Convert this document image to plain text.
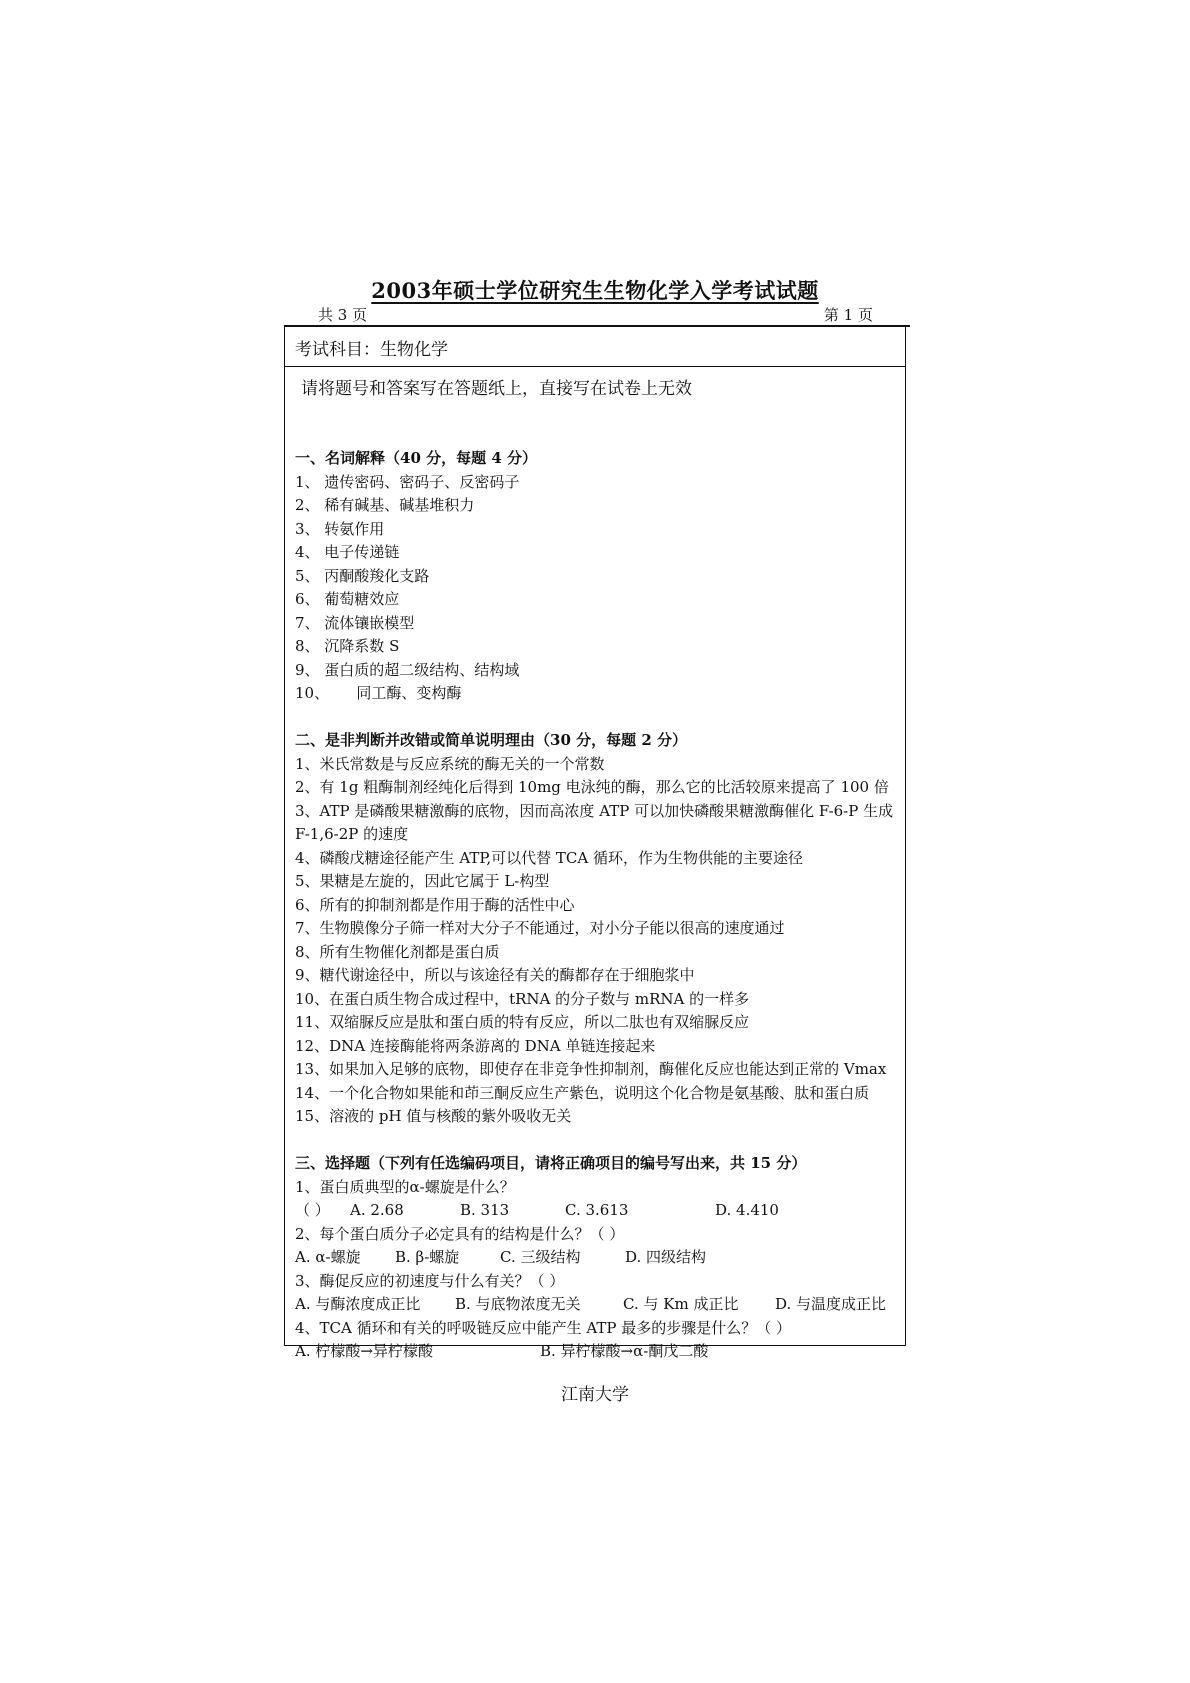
2003年硕士学位研究生生物化学入学考试试题
共 3 页	第 1 页
考试科目：生物化学
请将题号和答案写在答题纸上，直接写在试卷上无效
一、名词解释（40 分，每题 4 分）
1、 遗传密码、密码子、反密码子
2、 稀有碱基、碱基堆积力
3、 转氨作用
4、 电子传递链
5、 丙酮酸羧化支路
6、 葡萄糖效应
7、 流体镶嵌模型
8、 沉降系数 S
9、 蛋白质的超二级结构、结构域
10、　　 同工酶、变构酶
二、是非判断并改错或简单说明理由（30 分，每题 2 分）
1、米氏常数是与反应系统的酶无关的一个常数
2、有 1g 粗酶制剂经纯化后得到 10mg 电泳纯的酶，那么它的比活较原来提高了 100 倍
3、ATP 是磷酸果糖激酶的底物，因而高浓度 ATP 可以加快磷酸果糖激酶催化 F-6-P 生成
F-1,6-2P 的速度
4、磷酸戊糖途径能产生 ATP,可以代替 TCA 循环，作为生物供能的主要途径
5、果糖是左旋的，因此它属于 L-构型
6、所有的抑制剂都是作用于酶的活性中心
7、生物膜像分子筛一样对大分子不能通过，对小分子能以很高的速度通过
8、所有生物催化剂都是蛋白质
9、糖代谢途径中，所以与该途径有关的酶都存在于细胞浆中
10、在蛋白质生物合成过程中，tRNA 的分子数与 mRNA 的一样多
11、双缩脲反应是肽和蛋白质的特有反应，所以二肽也有双缩脲反应
12、DNA 连接酶能将两条游离的 DNA 单链连接起来
13、如果加入足够的底物，即使存在非竞争性抑制剂，酶催化反应也能达到正常的 Vmax
14、一个化合物如果能和茚三酮反应生产紫色，说明这个化合物是氨基酸、肽和蛋白质
15、溶液的 pH 值与核酸的紫外吸收无关
三、选择题（下列有任选编码项目，请将正确项目的编号写出来，共 15 分）
1、蛋白质典型的α-螺旋是什么？
（ ）	A. 2.68	B. 313	C. 3.613	D. 4.410
2、每个蛋白质分子必定具有的结构是什么？（ ）
A. α-螺旋	B. β-螺旋	C. 三级结构	D. 四级结构
3、酶促反应的初速度与什么有关？（ ）
A. 与酶浓度成正比	B. 与底物浓度无关	C. 与 Km 成正比	D. 与温度成正比
4、TCA 循环和有关的呼吸链反应中能产生 ATP 最多的步骤是什么？（ ）
A. 柠檬酸→异柠檬酸	B. 异柠檬酸→α-酮戊二酸
江南大学
